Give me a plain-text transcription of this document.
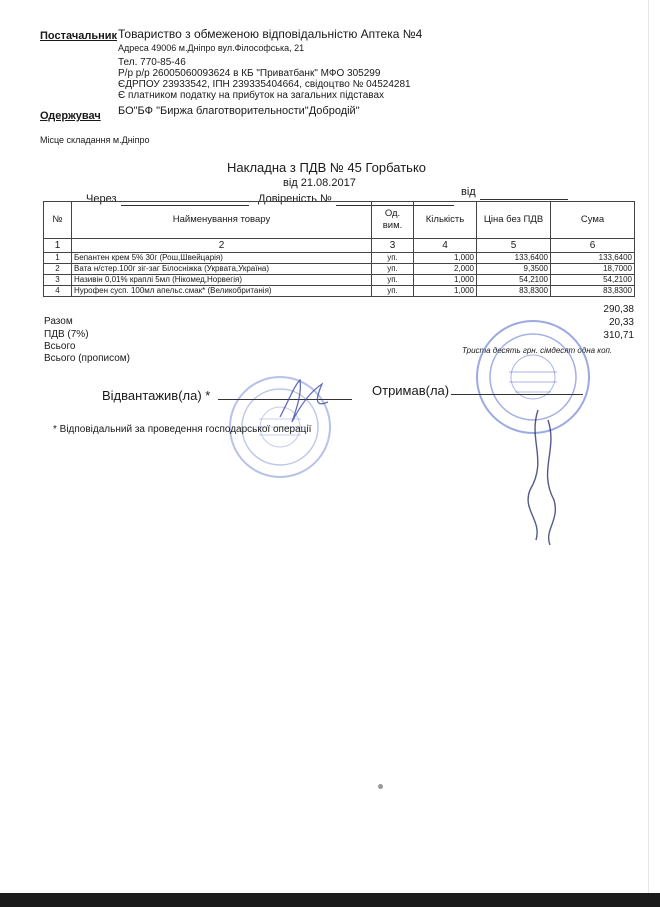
Постачальник Товариство з обмеженою відповідальністю Аптека №4
Адреса 49006 м.Дніпро вул.Філософська, 21
Тел. 770-85-46
Р/р р/р 26005060093624 в КБ "Приватбанк" МФО 305299
ЄДРПОУ 23933542, ІПН 239335404664, свідоцтво № 04524281
Є платником податку на прибуток на загальних підставах
Одержувач БО"БФ "Биржа благотворительности"Добродій"
Місце складання м.Дніпро
Накладна з ПДВ № 45 Горбатько
від 21.08.2017
Через	Довіреність №
від
№	Найменування товару	Од. вим.	Кількість	Ціна без ПДВ	Сума
1	2	3	4	5	6
1	Бепантен крем 5% 30г (Рош,Швейцарія)	уп.	1,000	133,6400	133,6400
2	Вата н/стер.100г зіг-заг Білосніжка (Укрвата,Україна)	уп.	2,000	9,3500	18,7000
3	Називін 0,01% краплі 5мл (Нікомед,Норвегія)	уп.	1,000	54,2100	54,2100
4	Нурофен сусп. 100мл апельс.смак* (Великобританія)	уп.	1,000	83,8300	83,8300
Разом
290,38
ПДВ (7%)
20,33
Всього
310,71
Всього (прописом)
Триста десять грн. сімдесят одна коп.
Відвантажив(ла) *	Отримав(ла)
* Відповідальний за проведення господарської операції
